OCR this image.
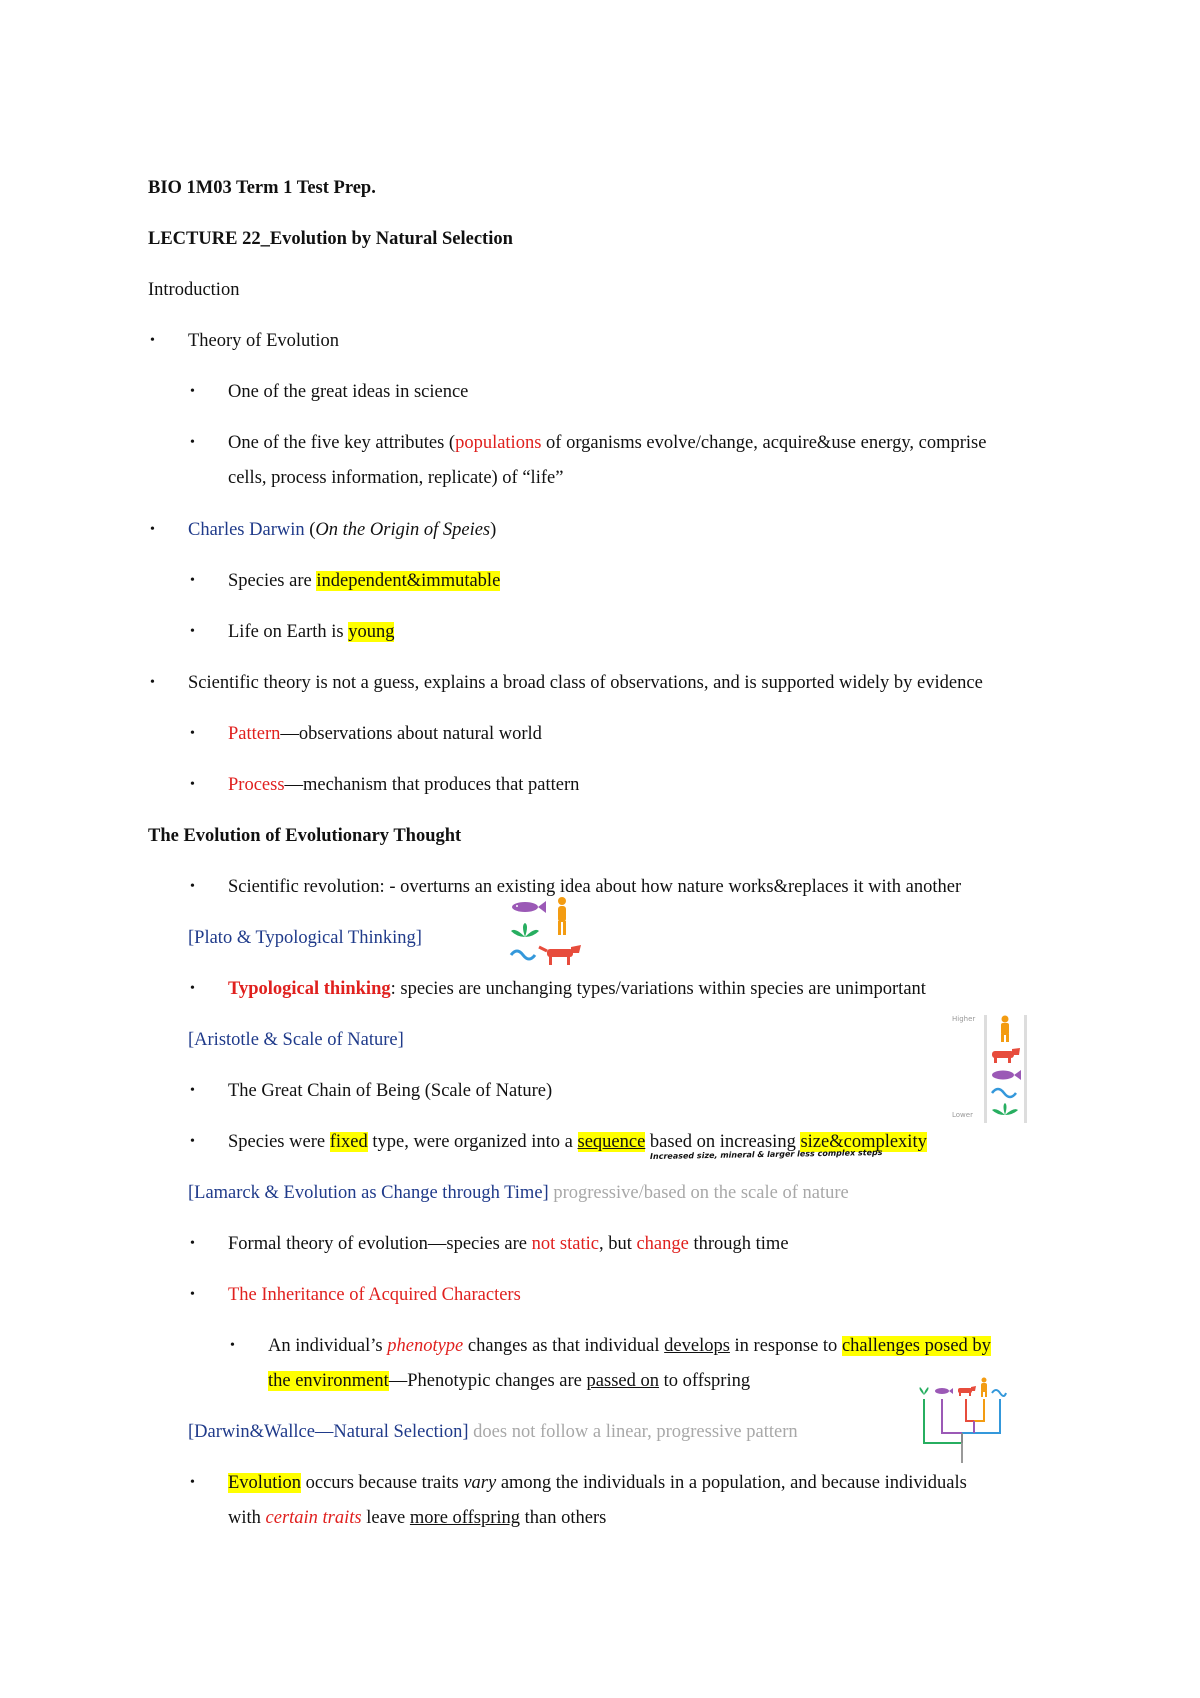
BIO 1M03 Term 1 Test Prep.
LECTURE 22_Evolution by Natural Selection
Introduction
• Theory of Evolution
• One of the great ideas in science
• One of the five key attributes (populations of organisms evolve/change, acquire&use energy, comprise
cells, process information, replicate) of “life”
• Charles Darwin (On the Origin of Speies)
• Species are independent&immutable
• Life on Earth is young
• Scientific theory is not a guess, explains a broad class of observations, and is supported widely by evidence
• Pattern—observations about natural world
• Process—mechanism that produces that pattern
The Evolution of Evolutionary Thought
• Scientific revolution: - overturns an existing idea about how nature works&replaces it with another
[Plato & Typological Thinking]
• Typological thinking: species are unchanging types/variations within species are unimportant
[Aristotle & Scale of Nature]
Higher
Lower
• The Great Chain of Being (Scale of Nature)
• Species were fixed type, were organized into a sequence based on increasing size&complexity
Increased size, mineral & larger less complex steps
[Lamarck & Evolution as Change through Time] progressive/based on the scale of nature
• Formal theory of evolution—species are not static, but change through time
• The Inheritance of Acquired Characters
• An individual’s phenotype changes as that individual develops in response to challenges posed by
the environment—Phenotypic changes are passed on to offspring
[Darwin&Wallce—Natural Selection] does not follow a linear, progressive pattern
• Evolution occurs because traits vary among the individuals in a population, and because individuals
with certain traits leave more offspring than others
